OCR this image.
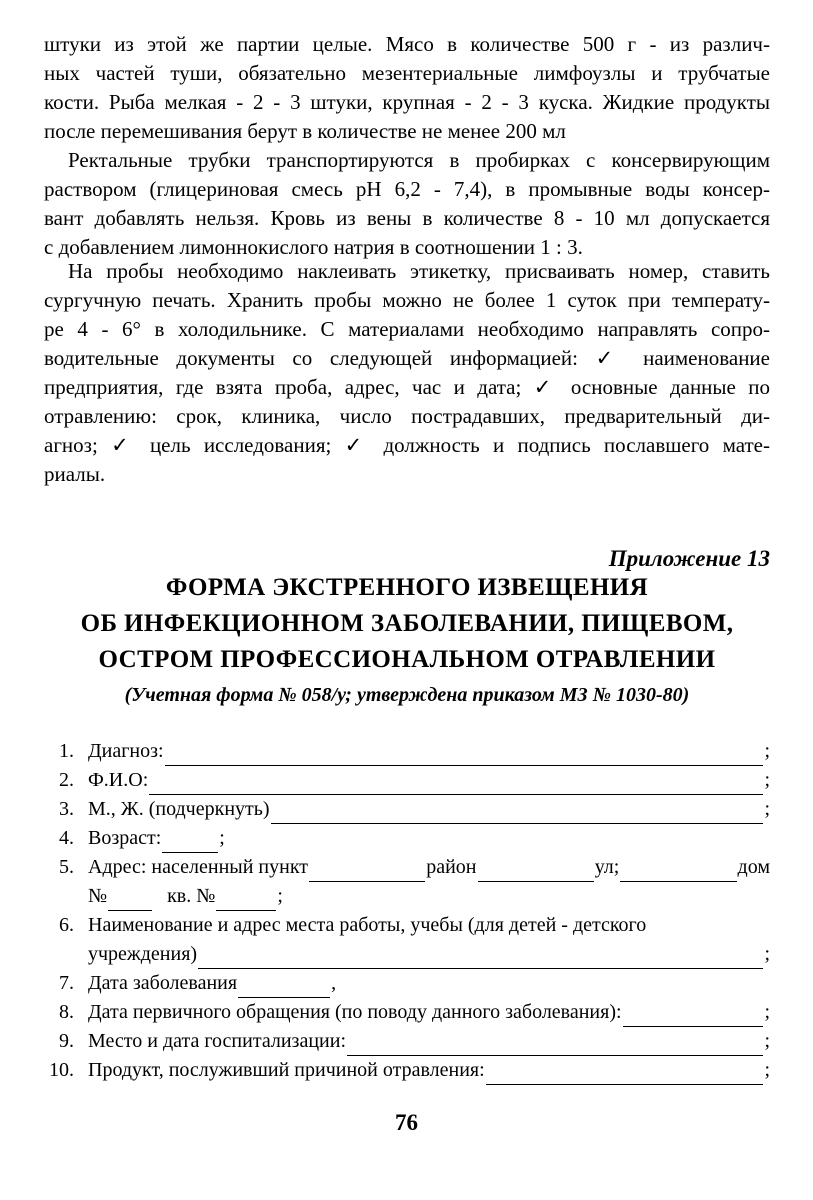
штуки из этой же партии целые. Мясо в количестве 500 г - из различ-
ных частей туши, обязательно мезентериальные лимфоузлы и трубчатые
кости. Рыба мелкая - 2 - 3 штуки, крупная - 2 - 3 куска. Жидкие продукты
после перемешивания берут в количестве не менее 200 мл
Ректальные трубки транспортируются в пробирках с консервирующим
раствором (глицериновая смесь pH 6,2 - 7,4), в промывные воды консер-
вант добавлять нельзя. Кровь из вены в количестве 8 - 10 мл допускается
с добавлением лимоннокислого натрия в соотношении 1 : 3.
На пробы необходимо наклеивать этикетку, присваивать номер, ставить
сургучную печать. Хранить пробы можно не более 1 суток при температу-
ре 4 - 6° в холодильнике. С материалами необходимо направлять сопро-
водительные документы со следующей информацией: ✓ наименование
предприятия, где взята проба, адрес, час и дата; ✓ основные данные по
отравлению: срок, клиника, число пострадавших, предварительный ди-
агноз; ✓ цель исследования; ✓ должность и подпись пославшего мате-
риалы.

Приложение 13

ФОРМА ЭКСТРЕННОГО ИЗВЕЩЕНИЯ

ОБ ИНФЕКЦИОННОМ ЗАБОЛЕВАНИИ, ПИЩЕВОМ,

ОСТРОМ ПРОФЕССИОНАЛЬНОМ ОТРАВЛЕНИИ

(Учетная форма № 058/у; утверждена приказом МЗ № 1030-80)

1. Диагноз:	;
2. Ф.И.О:	;
3. М., Ж. (подчеркнуть)	;
4. Возраст:	;
5. Адрес: населенный пункт	район	ул;	дом
№	кв. №	;
6. Наименование и адрес места работы, учебы (для детей - детского
учреждения)	;
7. Дата заболевания	,
8. Дата первичного обращения (по поводу данного заболевания):	;
9. Место и дата госпитализации:	;
10. Продукт, послуживший причиной отравления:	;

76
